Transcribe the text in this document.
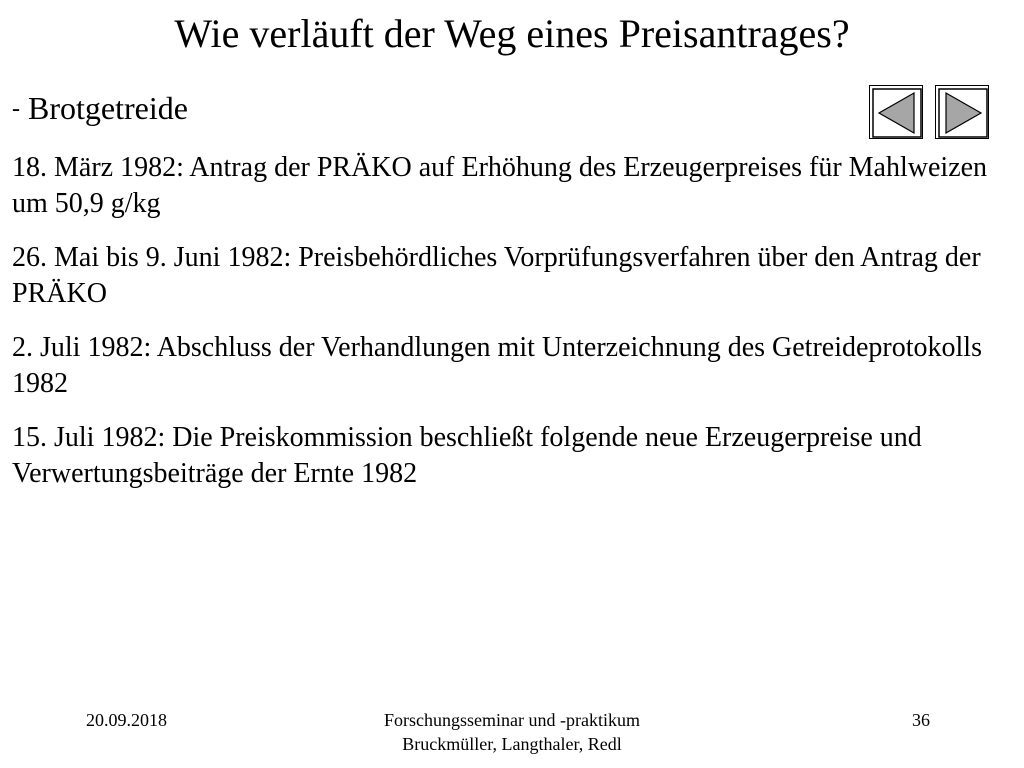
Wie verläuft der Weg eines Preisantrages?

- Brotgetreide

18. März 1982: Antrag der PRÄKO auf Erhöhung des Erzeugerpreises für Mahlweizen um 50,9 g/kg
26. Mai bis 9. Juni 1982: Preisbehördliches Vorprüfungsverfahren über den Antrag der PRÄKO
2. Juli 1982: Abschluss der Verhandlungen mit Unterzeichnung des Getreideprotokolls 1982
15. Juli 1982: Die Preiskommission beschließt folgende neue Erzeugerpreise und Verwertungsbeiträge der Ernte 1982
20.09.2018	Forschungsseminar und -praktikum
Bruckmüller, Langthaler, Redl
36
